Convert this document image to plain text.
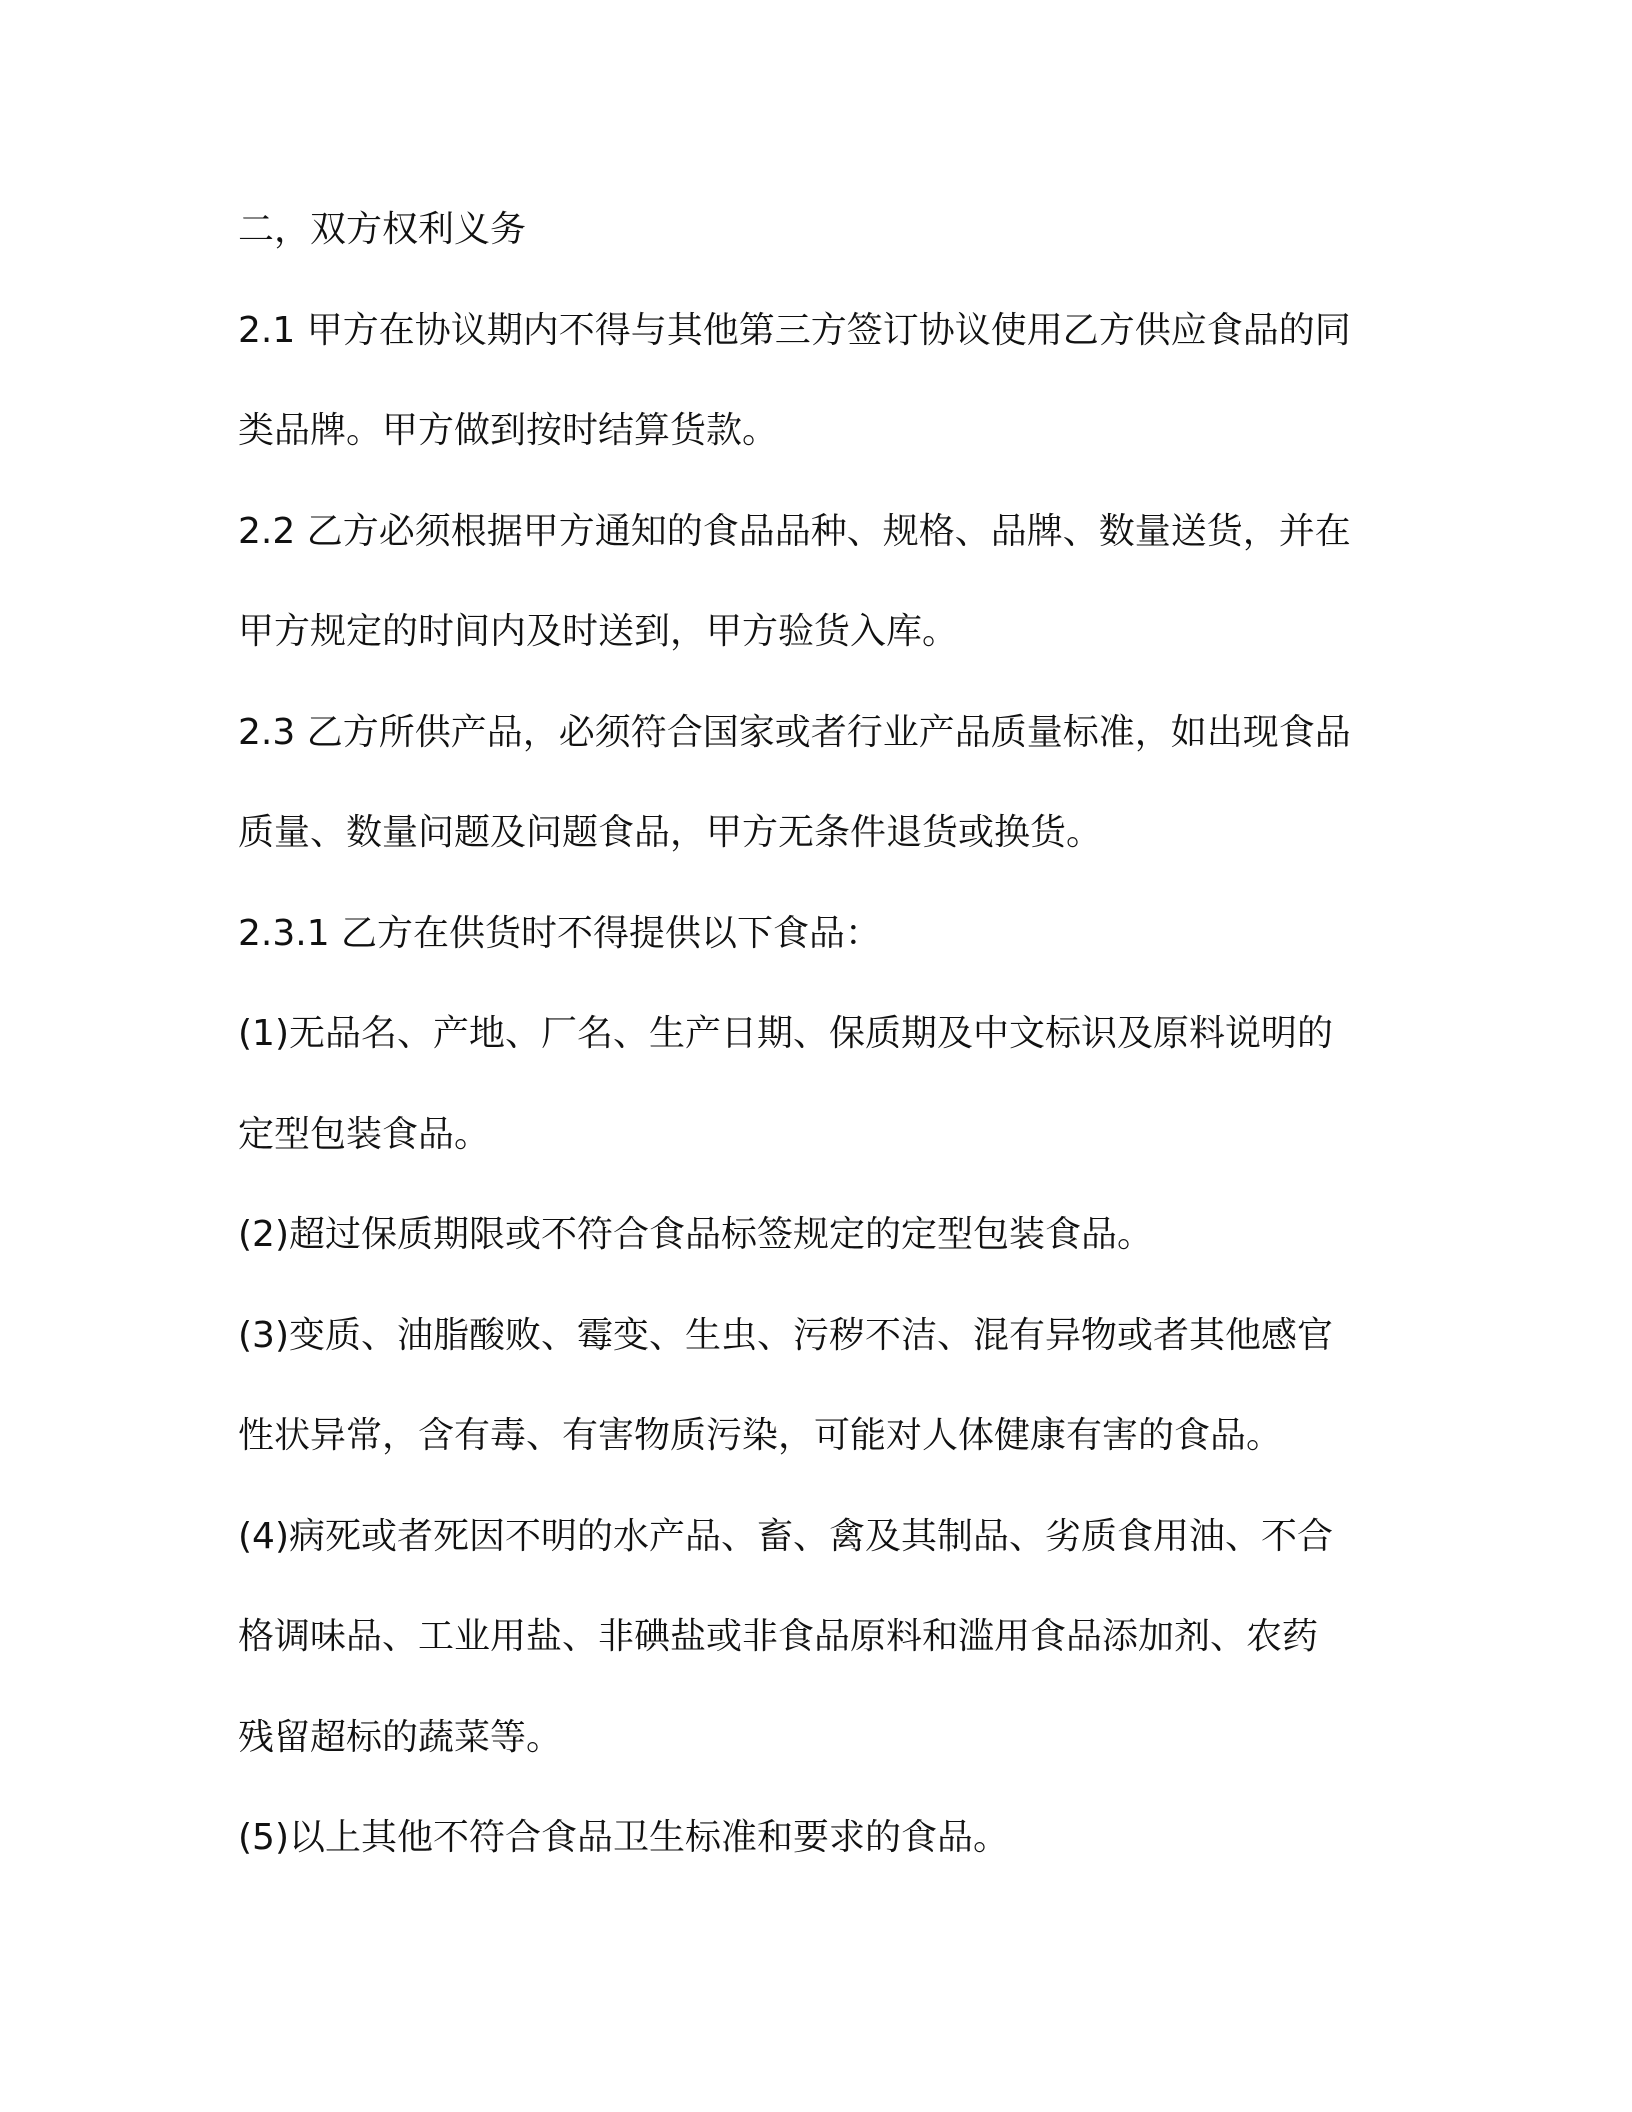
二，双方权利义务
2.1 甲方在协议期内不得与其他第三方签订协议使用乙方供应食品的同
类品牌。甲方做到按时结算货款。
2.2 乙方必须根据甲方通知的食品品种、规格、品牌、数量送货，并在
甲方规定的时间内及时送到，甲方验货入库。
2.3 乙方所供产品，必须符合国家或者行业产品质量标准，如出现食品
质量、数量问题及问题食品，甲方无条件退货或换货。
2.3.1 乙方在供货时不得提供以下食品：
(1)无品名、产地、厂名、生产日期、保质期及中文标识及原料说明的
定型包装食品。
(2)超过保质期限或不符合食品标签规定的定型包装食品。
(3)变质、油脂酸败、霉变、生虫、污秽不洁、混有异物或者其他感官
性状异常，含有毒、有害物质污染，可能对人体健康有害的食品。
(4)病死或者死因不明的水产品、畜、禽及其制品、劣质食用油、不合
格调味品、工业用盐、非碘盐或非食品原料和滥用食品添加剂、农药
残留超标的蔬菜等。
(5)以上其他不符合食品卫生标准和要求的食品。
